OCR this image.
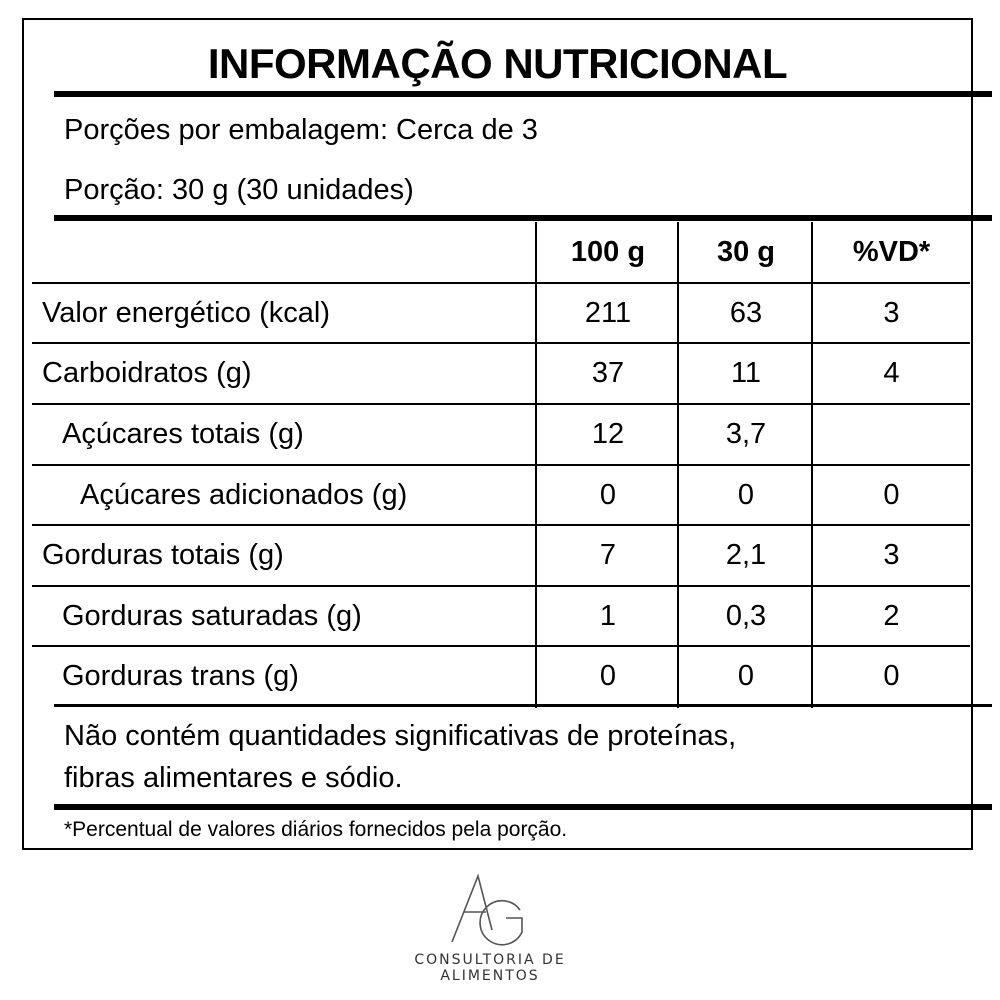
INFORMAÇÃO NUTRICIONAL
Porções por embalagem: Cerca de 3
Porção: 30 g (30 unidades)
100 g	30 g	%VD*
Valor energético (kcal)	211	63	3
Carboidratos (g)	37	11	4
Açúcares totais (g)	12	3,7
Açúcares adicionados (g)	0	0	0
Gorduras totais (g)	7	2,1	3
Gorduras saturadas (g)	1	0,3	2
Gorduras trans (g)	0	0	0
Não contém quantidades significativas de proteínas,
fibras alimentares e sódio.
*Percentual de valores diários fornecidos pela porção.
CONSULTORIA DE ALIMENTOS
